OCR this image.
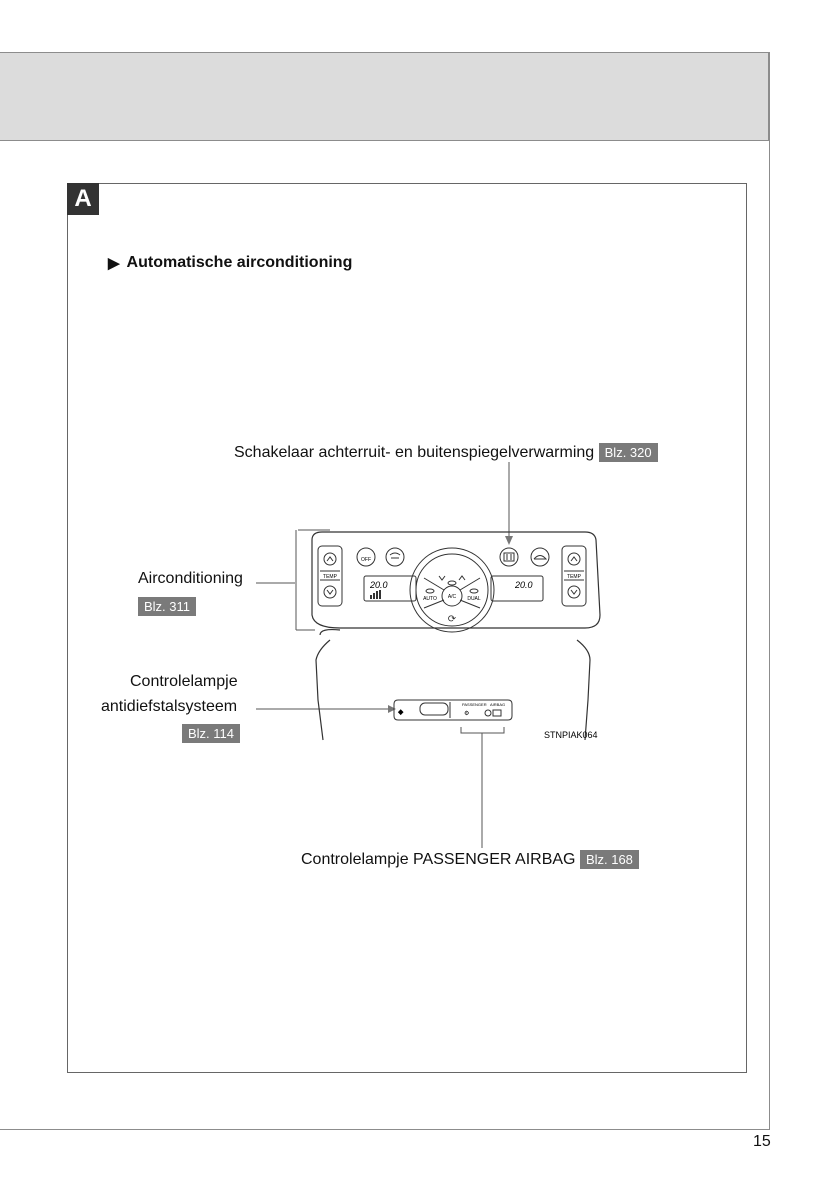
15
A
▶ Automatische airconditioning
Schakelaar achterruit- en buitenspiegelverwarming Blz. 320
Airconditioning
Blz. 311
Controlelampje
antidiefstalsysteem
Blz. 114
Controlelampje PASSENGER AIRBAG Blz. 168
TEMP	TEMP
OFF
20.0	20.0
AUTO A/C DUAL
⟳
◆
PASSENGER AIRBAG
⚙
STNPIAK064
